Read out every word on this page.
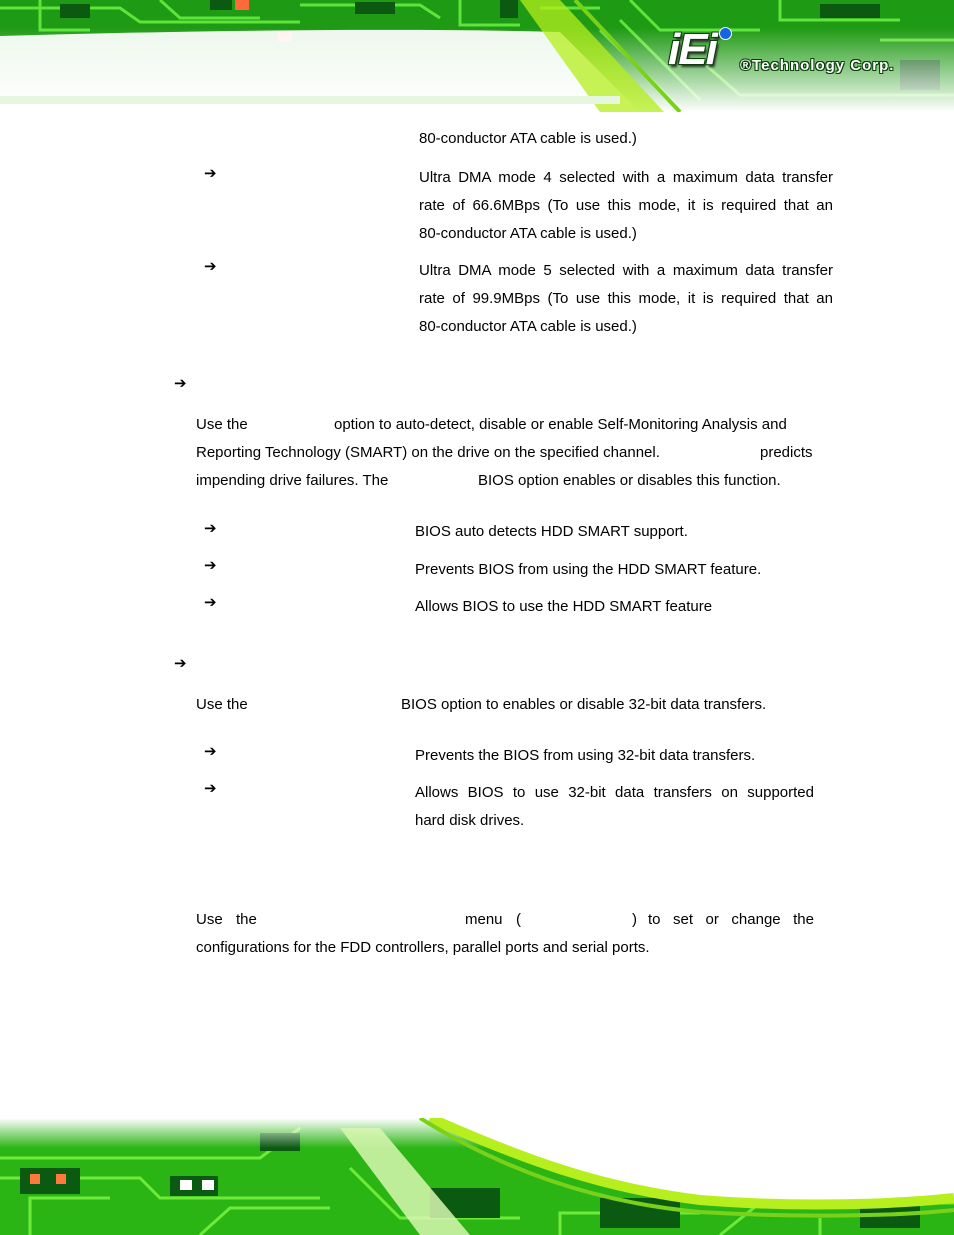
iEi ®Technology Corp.
80-conductor ATA cable is used.)
➔	Ultra DMA mode 4 selected with a maximum data transfer
rate of 66.6MBps (To use this mode, it is required that an
80-conductor ATA cable is used.)
➔	Ultra DMA mode 5 selected with a maximum data transfer
rate of 99.9MBps (To use this mode, it is required that an
80-conductor ATA cable is used.)
➔
Use the	option to auto-detect, disable or enable Self-Monitoring Analysis and
Reporting Technology (SMART) on the drive on the specified channel.	predicts
impending drive failures. The	BIOS option enables or disables this function.
➔	BIOS auto detects HDD SMART support.
➔	Prevents BIOS from using the HDD SMART feature.
➔	Allows BIOS to use the HDD SMART feature
➔
Use the	BIOS option to enables or disable 32-bit data transfers.
➔	Prevents the BIOS from using 32-bit data transfers.
➔	Allows BIOS to use 32-bit data transfers on supported
hard disk drives.
Use the	menu (	) to set or change the
configurations for the FDD controllers, parallel ports and serial ports.
